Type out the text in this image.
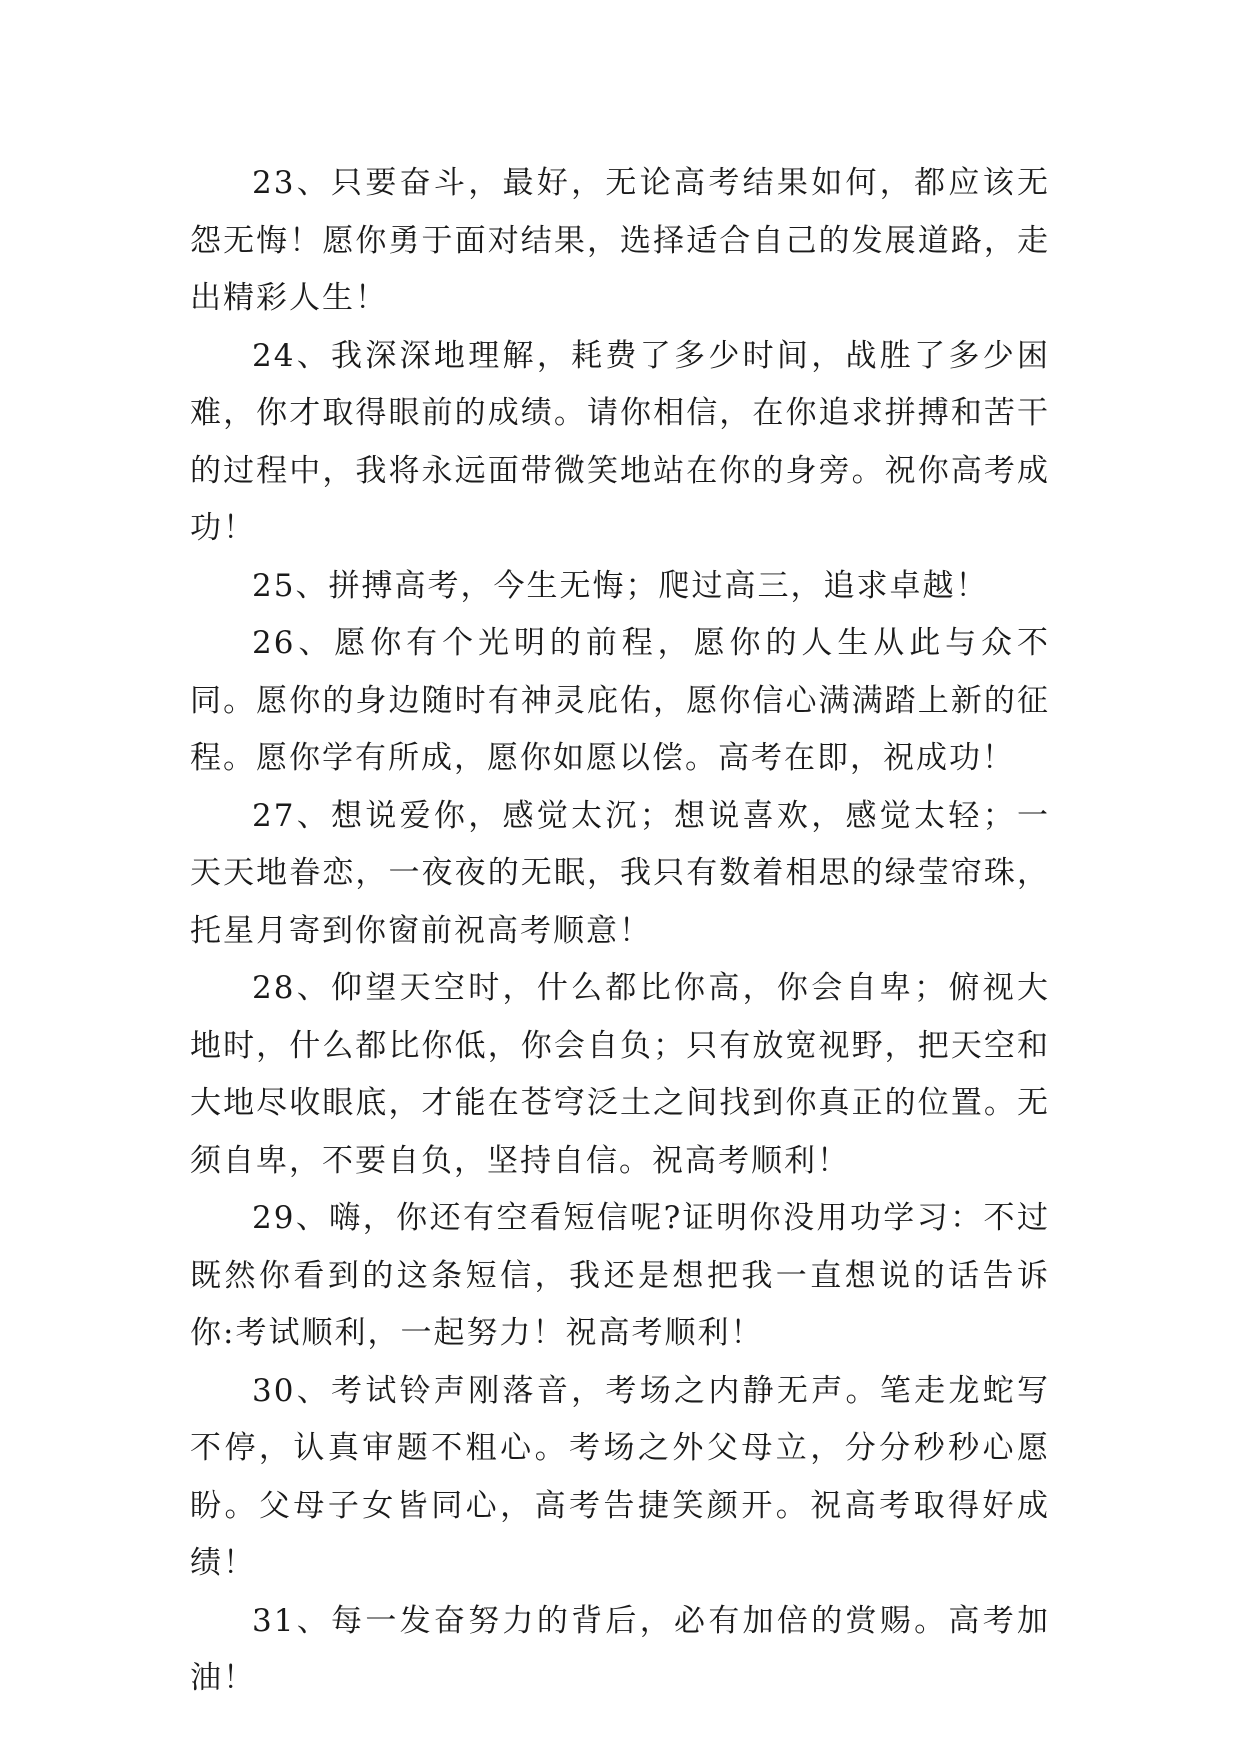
23、只要奋斗，最好，无论高考结果如何，都应该无怨无悔！愿你勇于面对结果，选择适合自己的发展道路，走出精彩人生！

24、我深深地理解，耗费了多少时间，战胜了多少困难，你才取得眼前的成绩。请你相信，在你追求拼搏和苦干的过程中，我将永远面带微笑地站在你的身旁。祝你高考成功！

25、拼搏高考，今生无悔；爬过高三，追求卓越！

26、愿你有个光明的前程，愿你的人生从此与众不同。愿你的身边随时有神灵庇佑，愿你信心满满踏上新的征程。愿你学有所成，愿你如愿以偿。高考在即，祝成功！

27、想说爱你，感觉太沉；想说喜欢，感觉太轻；一天天地眷恋，一夜夜的无眠，我只有数着相思的绿莹帘珠，托星月寄到你窗前祝高考顺意！

28、仰望天空时，什么都比你高，你会自卑；俯视大地时，什么都比你低，你会自负；只有放宽视野，把天空和大地尽收眼底，才能在苍穹泛土之间找到你真正的位置。无须自卑，不要自负，坚持自信。祝高考顺利！

29、嗨，你还有空看短信呢?证明你没用功学习：不过既然你看到的这条短信，我还是想把我一直想说的话告诉你:考试顺利，一起努力！祝高考顺利！

30、考试铃声刚落音，考场之内静无声。笔走龙蛇写不停，认真审题不粗心。考场之外父母立，分分秒秒心愿盼。父母子女皆同心，高考告捷笑颜开。祝高考取得好成绩！

31、每一发奋努力的背后，必有加倍的赏赐。高考加油！
